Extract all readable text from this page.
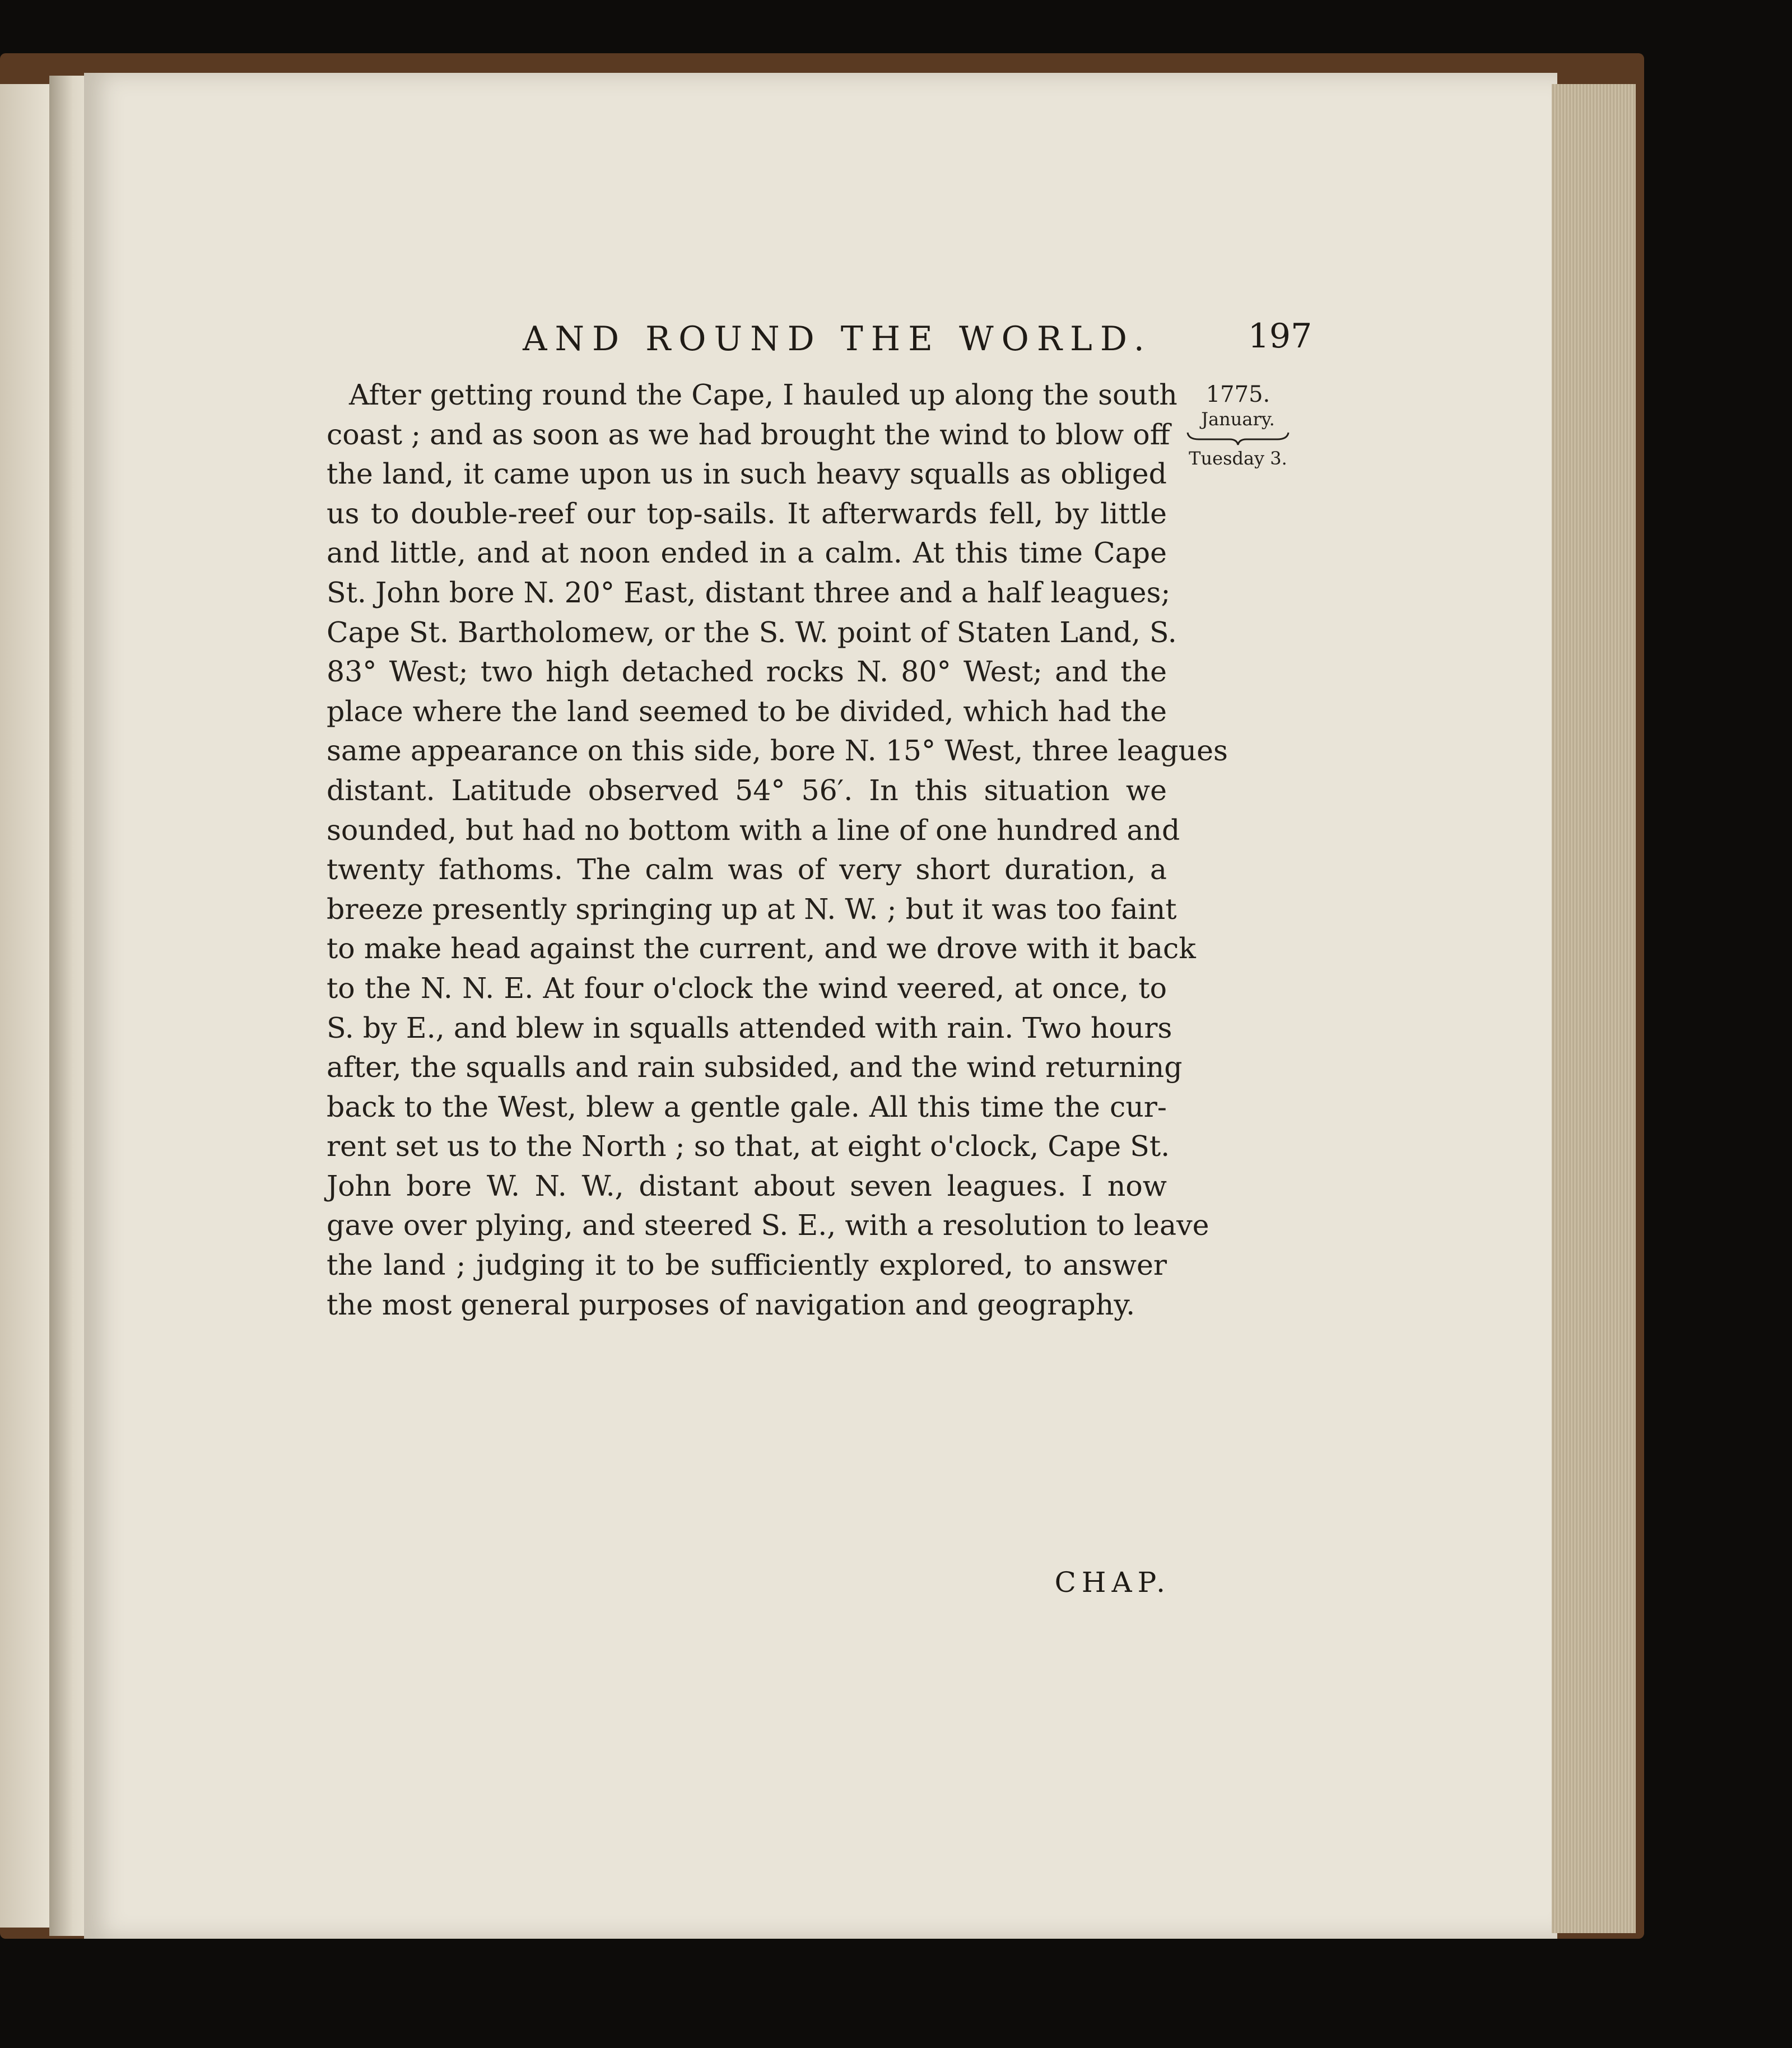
AND ROUND THE WORLD.	197
1775.
January.
Tuesday 3.
After getting round the Cape, I hauled up along the south
coast ; and as soon as we had brought the wind to blow off
the land, it came upon us in such heavy squalls as obliged
us to double-reef our top-sails. It afterwards fell, by little
and little, and at noon ended in a calm. At this time Cape
St. John bore N. 20° East, distant three and a half leagues;
Cape St. Bartholomew, or the S. W. point of Staten Land, S.
83° West; two high detached rocks N. 80° West; and the
place where the land seemed to be divided, which had the
same appearance on this side, bore N. 15° West, three leagues
distant. Latitude observed 54° 56′. In this situation we
sounded, but had no bottom with a line of one hundred and
twenty fathoms. The calm was of very short duration, a
breeze presently springing up at N. W. ; but it was too faint
to make head against the current, and we drove with it back
to the N. N. E. At four o'clock the wind veered, at once, to
S. by E., and blew in squalls attended with rain. Two hours
after, the squalls and rain subsided, and the wind returning
back to the West, blew a gentle gale. All this time the cur-
rent set us to the North ; so that, at eight o'clock, Cape St.
John bore W. N. W., distant about seven leagues. I now
gave over plying, and steered S. E., with a resolution to leave
the land ; judging it to be sufficiently explored, to answer
the most general purposes of navigation and geography.
CHAP.
